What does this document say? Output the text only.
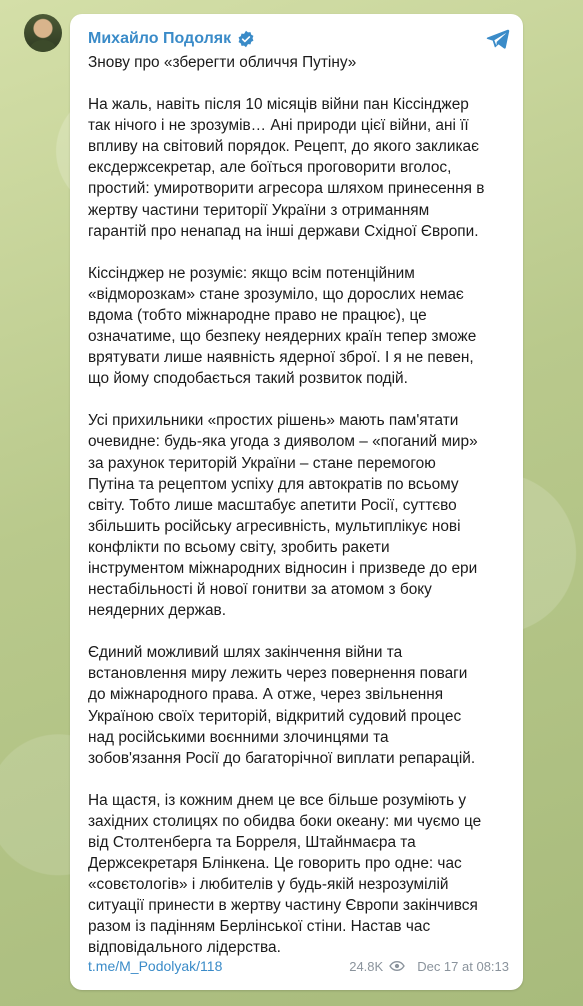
Михайло Подоляк

Знову про «зберегти обличчя Путіну»

На жаль, навіть після 10 місяців війни пан Кіссінджер
так нічого і не зрозумів… Ані природи цієї війни, ані її
впливу на світовий порядок. Рецепт, до якого закликає
ексдержсекретар, але боїться проговорити вголос,
простий: умиротворити агресора шляхом принесення в
жертву частини території України з отриманням
гарантій про ненапад на інші держави Східної Європи.

Кіссінджер не розуміє: якщо всім потенційним
«відморозкам» стане зрозуміло, що дорослих немає
вдома (тобто міжнародне право не працює), це
означатиме, що безпеку неядерних країн тепер зможе
врятувати лише наявність ядерної зброї. І я не певен,
що йому сподобається такий розвиток подій.

Усі прихильники «простих рішень» мають пам'ятати
очевидне: будь-яка угода з дияволом – «поганий мир»
за рахунок територій України – стане перемогою
Путіна та рецептом успіху для автократів по всьому
світу. Тобто лише масштабує апетити Росії, суттєво
збільшить російську агресивність, мультиплікує нові
конфлікти по всьому світу, зробить ракети
інструментом міжнародних відносин і призведе до ери
нестабільності й нової гонитви за атомом з боку
неядерних держав.

Єдиний можливий шлях закінчення війни та
встановлення миру лежить через повернення поваги
до міжнародного права. А отже, через звільнення
Україною своїх територій, відкритий судовий процес
над російськими воєнними злочинцями та
зобов'язання Росії до багаторічної виплати репарацій.

На щастя, із кожним днем це все більше розуміють у
західних столицях по обидва боки океану: ми чуємо це
від Столтенберга та Борреля, Штайнмаєра та
Держсекретаря Блінкена. Це говорить про одне: час
«совєтологів» і любителів у будь-якій незрозумілій
ситуації принести в жертву частину Європи закінчився
разом із падінням Берлінської стіни. Настав час
відповідального лідерства.

t.me/M_Podolyak/118	24.8K	Dec 17 at 08:13
